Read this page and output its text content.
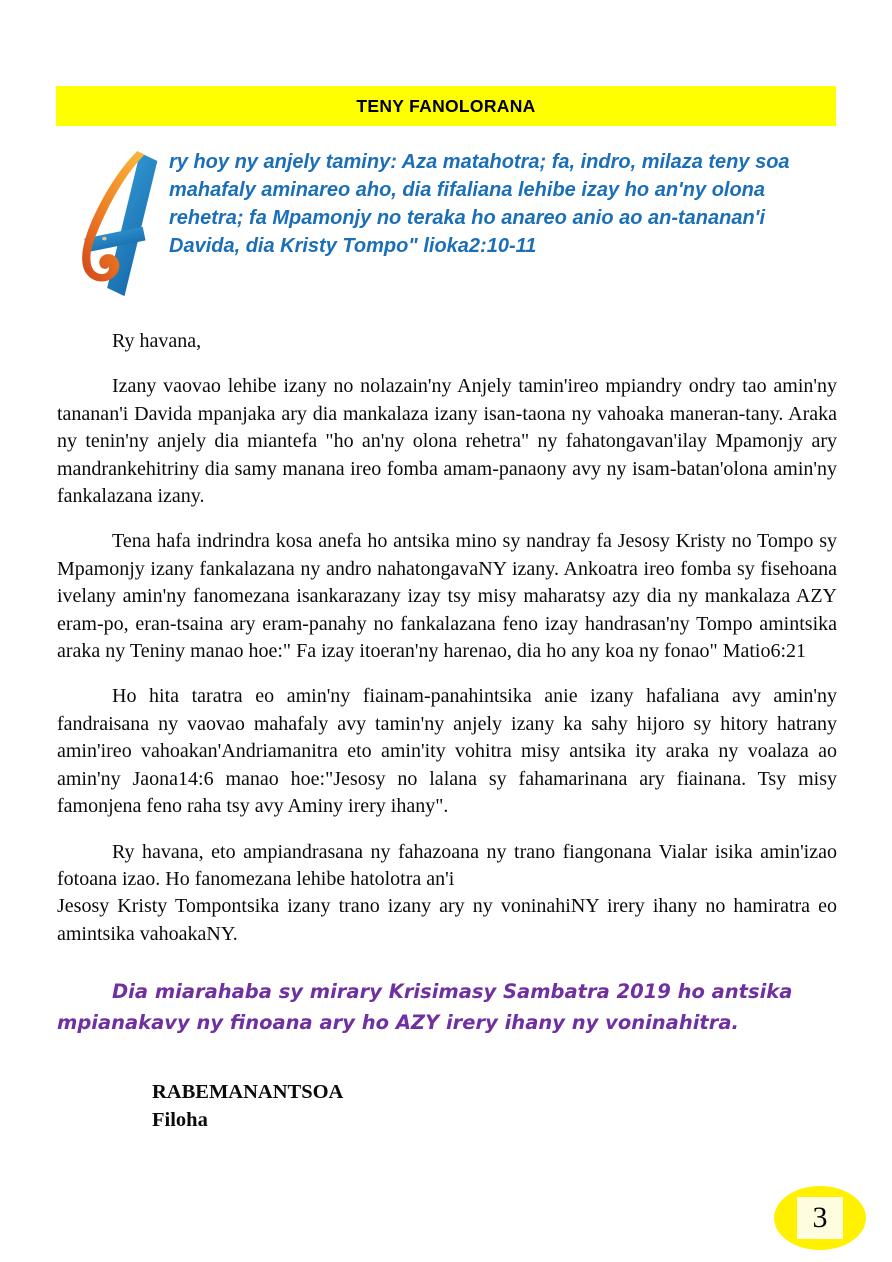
TENY FANOLORANA
ry hoy ny anjely taminy: Aza matahotra; fa, indro, milaza teny soa mahafaly aminareo aho, dia fifaliana lehibe izay ho an'ny olona rehetra; fa Mpamonjy no teraka ho anareo anio ao an-tananan'i Davida, dia Kristy Tompo" lioka2:10-11

Ry havana,

Izany vaovao lehibe izany no nolazain'ny Anjely tamin'ireo mpiandry ondry tao amin'ny tananan'i Davida mpanjaka ary dia mankalaza izany isan-taona ny vahoaka maneran-tany. Araka ny tenin'ny anjely dia miantefa "ho an'ny olona rehetra" ny fahatongavan'ilay Mpamonjy ary mandrankehitriny dia samy manana ireo fomba amam-panaony avy ny isam-batan'olona amin'ny fankalazana izany.

Tena hafa indrindra kosa anefa ho antsika mino sy nandray fa Jesosy Kristy no Tompo sy Mpamonjy izany fankalazana ny andro nahatongavaNY izany. Ankoatra ireo fomba sy fisehoana ivelany amin'ny fanomezana isankarazany izay tsy misy maharatsy azy dia ny mankalaza AZY eram-po, eran-tsaina ary eram-panahy no fankalazana feno izay handrasan'ny Tompo amintsika araka ny Teniny manao hoe:" Fa izay itoeran'ny harenao, dia ho any koa ny fonao" Matio6:21

Ho hita taratra eo amin'ny fiainam-panahintsika anie izany hafaliana avy amin'ny fandraisana ny vaovao mahafaly avy tamin'ny anjely izany ka sahy hijoro sy hitory hatrany amin'ireo vahoakan'Andriamanitra eto amin'ity vohitra misy antsika ity araka ny voalaza ao amin'ny Jaona14:6 manao hoe:"Jesosy no lalana sy fahamarinana ary fiainana. Tsy misy famonjena feno raha tsy avy Aminy irery ihany".

Ry havana, eto ampiandrasana ny fahazoana ny trano fiangonana Vialar isika amin'izao fotoana izao. Ho fanomezana lehibe hatolotra an'i

Jesosy Kristy Tompontsika izany trano izany ary ny voninahiNY irery ihany no hamiratra eo amintsika vahoakaNY.

Dia miarahaba sy mirary Krisimasy Sambatra 2019 ho antsika mpianakavy ny finoana ary ho AZY irery ihany ny voninahitra.
RABEMANANTSOA
Filoha
3
